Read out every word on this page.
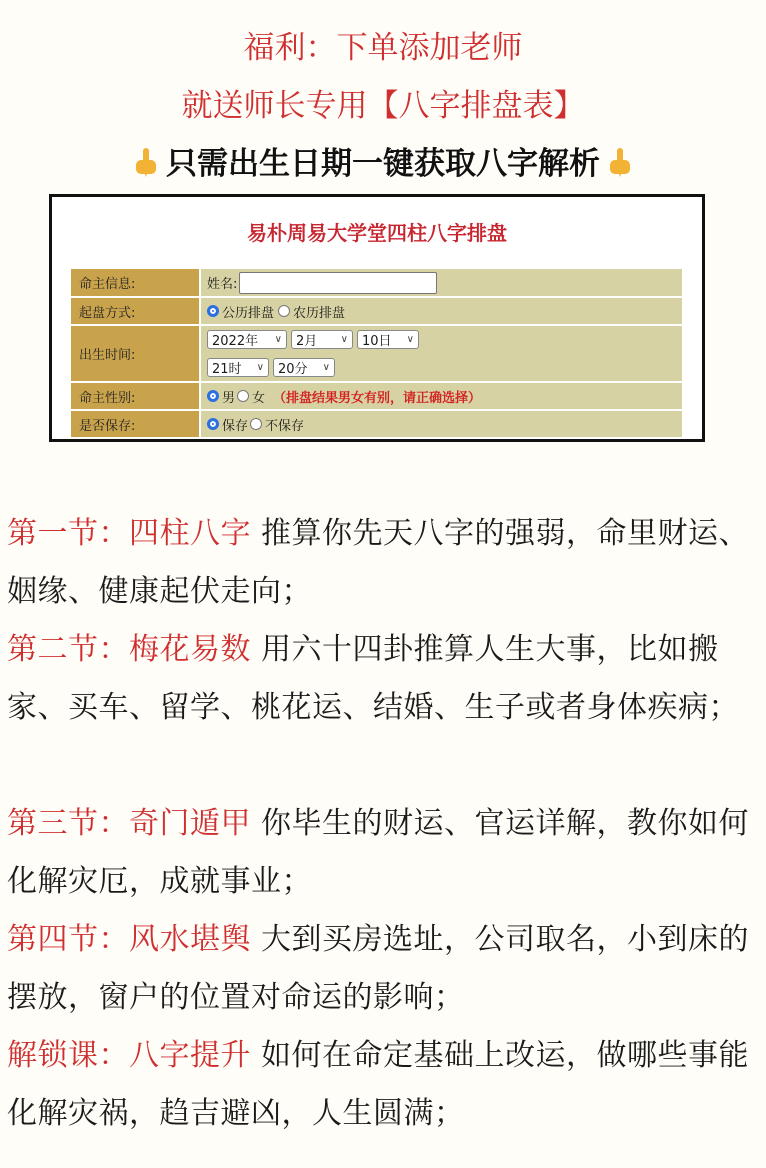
福利：下单添加老师
就送师长专用【八字排盘表】
只需出生日期一键获取八字解析
易朴周易大学堂四柱八字排盘
命主信息:	姓名:
起盘方式:	公历排盘 农历排盘
出生时间:
2022年 ∨ 2月 ∨ 10日 ∨
21时 ∨ 20分 ∨
命主性别:	男 女 （排盘结果男女有别，请正确选择）
是否保存:	保存 不保存
第一节：四柱八字 推算你先天八字的强弱，命里财运、姻缘、健康起伏走向；
第二节：梅花易数 用六十四卦推算人生大事，比如搬家、买车、留学、桃花运、结婚、生子或者身体疾病；
第三节：奇门遁甲 你毕生的财运、官运详解，教你如何化解灾厄，成就事业；
第四节：风水堪舆 大到买房选址，公司取名，小到床的摆放，窗户的位置对命运的影响；
解锁课：八字提升 如何在命定基础上改运，做哪些事能化解灾祸，趋吉避凶，人生圆满；
